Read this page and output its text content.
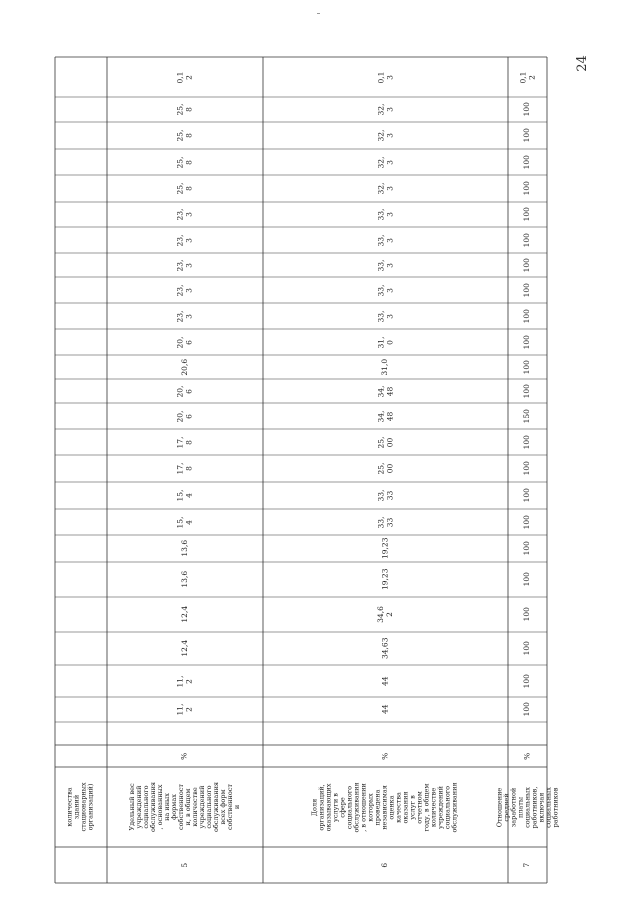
24
количества
зданий
стационарных
организаций)
5
Удельный вес
учреждений
социального
обслуживания
, основанных
на иных
формах
собственност
и, в общем
количестве
учреждений
социального
обслуживания
всех форм
собственност
и
%
11,
2
11,
2
12,4
12,4
13,6
13,6
15,
4
15,
4
17,
8
17,
8
20,
6
20,
6
20,6
20,
6
23,
3
23,
3
23,
3
23,
3
23,
3
25,
8
25,
8
25,
8
25,
8
0,1
2
6
Доля
организаций,
оказывающих
услуги в
сфере
социального
обслуживания
, в отношении
которых
проведена
независимая
оценка
качества
оказания
услуг в
отчетном
году, в общем
количестве
учреждений
социального
обслуживания
%
44
44
34,63
34,6
2
19,23
19,23
33,
33
33,
33
25,
00
25,
00
34,
48
34,
48
31,0
31,
0
33,
3
33,
3
33,
3
33,
3
33,
3
32,
3
32,
3
32,
3
32,
3
0,1
3
7
Отношение
средней
заработной
платы
социальных
работников,
включая
социальных
работников
%
100
100
100
100
100
100
100
100
100
100
150
100
100
100
100
100
100
100
100
100
100
100
100
0,1
2
